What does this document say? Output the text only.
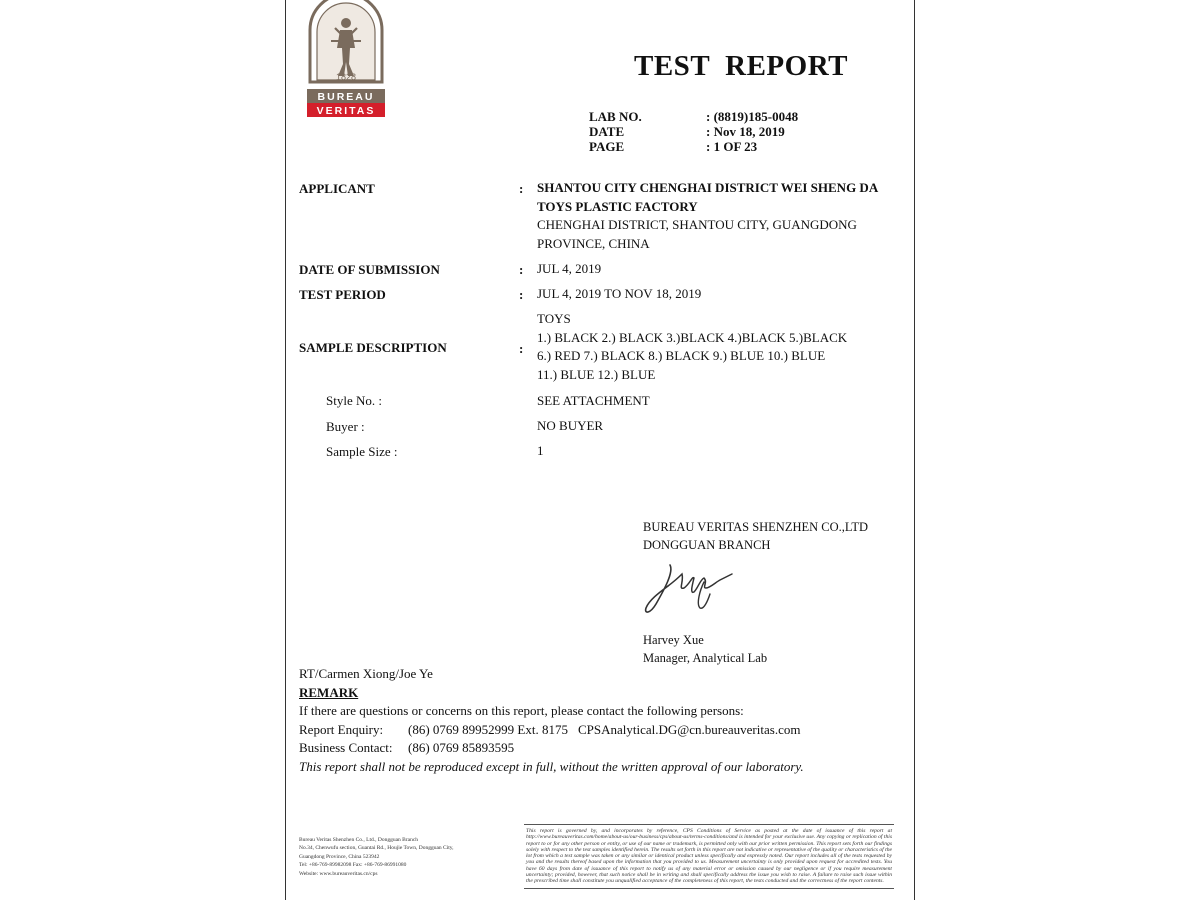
1828
BUREAU
VERITAS
TEST  REPORT
LAB NO.	: (8819)185-0048
DATE	: Nov 18, 2019
PAGE	: 1 OF 23
APPLICANT	: SHANTOU CITY CHENGHAI DISTRICT WEI SHENG DA
TOYS PLASTIC FACTORY
CHENGHAI DISTRICT, SHANTOU CITY, GUANGDONG
PROVINCE, CHINA
DATE OF SUBMISSION	: JUL 4, 2019
TEST PERIOD	: JUL 4, 2019 TO NOV 18, 2019
SAMPLE DESCRIPTION	:
TOYS
1.) BLACK 2.) BLACK 3.)BLACK 4.)BLACK 5.)BLACK
6.) RED 7.) BLACK 8.) BLACK 9.) BLUE 10.) BLUE
11.) BLUE 12.) BLUE
Style No. :	SEE ATTACHMENT
Buyer :	NO BUYER
Sample Size :	1
BUREAU VERITAS SHENZHEN CO.,LTD
DONGGUAN BRANCH
Harvey Xue
Manager, Analytical Lab
RT/Carmen Xiong/Joe Ye
REMARK
If there are questions or concerns on this report, please contact the following persons:
Report Enquiry: (86) 0769 89952999 Ext. 8175 CPSAnalytical.DG@cn.bureauveritas.com
Business Contact: (86) 0769 85893595
This report shall not be reproduced except in full, without the written approval of our laboratory.
Bureau Veritas Shenzhen Co., Ltd., Dongguan Branch
No.34, Chenwufu section, Guantai Rd., Houjie Town, Dongguan City,
Guangdong Province, China 523942
Tel: +86-769-89982098 Fax: +86-769-86991080
Website: www.bureauveritas.cn/cps
This report is governed by, and incorporates by reference, CPS Conditions of Service as posted at the date of issuance of this report at http://www.bureauveritas.com/home/about-us/our-business/cps/about-us/terms-conditions/and is intended for your exclusive use. Any copying or replication of this report to or for any other person or entity, or use of our name or trademark, is permitted only with our prior written permission. This report sets forth our findings solely with respect to the test samples identified herein. The results set forth in this report are not indicative or representative of the quality or characteristics of the lot from which a test sample was taken or any similar or identical product unless specifically and expressly noted. Our report includes all of the tests requested by you and the results thereof based upon the information that you provided to us. Measurement uncertainty is only provided upon request for accredited tests. You have 60 days from date of issuance of this report to notify us of any material error or omission caused by our negligence or if you require measurement uncertainty; provided, however, that such notice shall be in writing and shall specifically address the issue you wish to raise. A failure to raise such issue within the prescribed time shall constitute you unqualified acceptance of the completeness of this report, the tests conducted and the correctness of the report contents.
